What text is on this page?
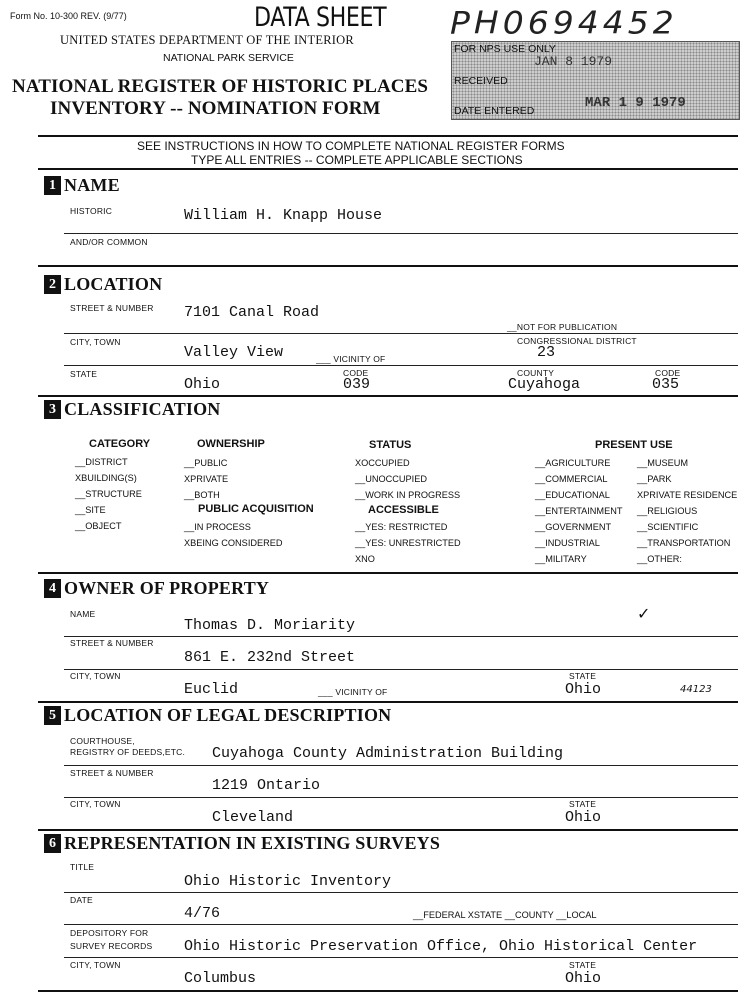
Form No. 10-300 REV. (9/77)	DATA SHEET
UNITED STATES DEPARTMENT OF THE INTERIOR
NATIONAL PARK SERVICE
NATIONAL REGISTER OF HISTORIC PLACES
INVENTORY -- NOMINATION FORM
PH0694452
FOR NPS USE ONLY
RECEIVED
JAN 8 1979
DATE ENTERED	MAR 1 9 1979
SEE INSTRUCTIONS IN HOW TO COMPLETE NATIONAL REGISTER FORMS
TYPE ALL ENTRIES -- COMPLETE APPLICABLE SECTIONS
1 NAME
HISTORIC	William H. Knapp House
AND/OR COMMON
2 LOCATION
STREET & NUMBER 7101 Canal Road
__NOT FOR PUBLICATION
CITY, TOWN	CONGRESSIONAL DISTRICT
Valley View	___ VICINITY OF	23
STATE	CODE	COUNTY	CODE
Ohio	039	Cuyahoga	035
3 CLASSIFICATION
CATEGORY
__DISTRICT
XBUILDING(S)
__STRUCTURE
__SITE
__OBJECT
OWNERSHIP
__PUBLIC
XPRIVATE
__BOTH
PUBLIC ACQUISITION
__IN PROCESS
XBEING CONSIDERED
STATUS
XOCCUPIED
__UNOCCUPIED
__WORK IN PROGRESS
ACCESSIBLE
__YES: RESTRICTED
__YES: UNRESTRICTED
XNO
PRESENT USE
__AGRICULTURE
__COMMERCIAL
__EDUCATIONAL
__ENTERTAINMENT
__GOVERNMENT
__INDUSTRIAL
__MILITARY
__MUSEUM
__PARK
XPRIVATE RESIDENCE
__RELIGIOUS
__SCIENTIFIC
__TRANSPORTATION
__OTHER:
4 OWNER OF PROPERTY
NAME	✓
Thomas D. Moriarity
STREET & NUMBER
861 E. 232nd Street
CITY, TOWN	STATE
Euclid	___ VICINITY OF	Ohio	44123
5 LOCATION OF LEGAL DESCRIPTION
COURTHOUSE,
REGISTRY OF DEEDS,ETC. Cuyahoga County Administration Building
STREET & NUMBER
1219 Ontario
CITY, TOWN	STATE
Cleveland	Ohio
6 REPRESENTATION IN EXISTING SURVEYS
TITLE
Ohio Historic Inventory
DATE
4/76	__FEDERAL XSTATE __COUNTY __LOCAL
DEPOSITORY FOR
SURVEY RECORDS Ohio Historic Preservation Office, Ohio Historical Center
CITY, TOWN	STATE
Columbus	Ohio
